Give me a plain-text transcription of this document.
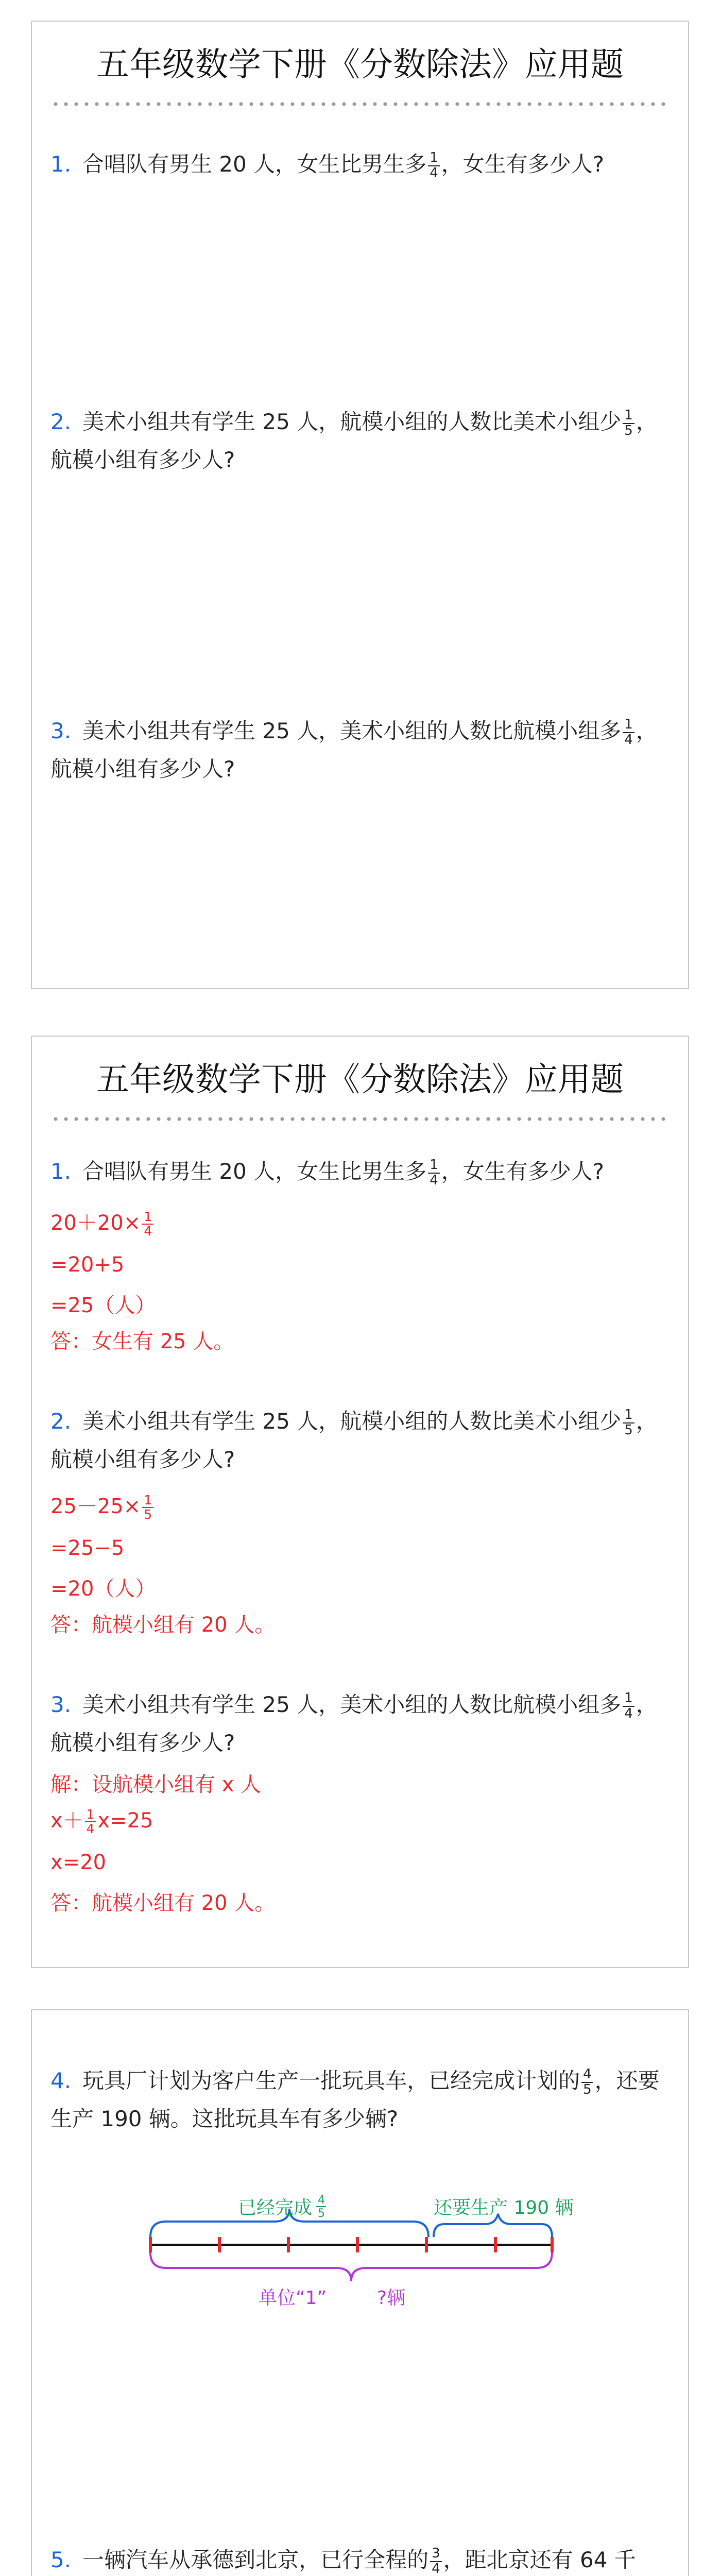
五年级数学下册《分数除法》应用题
1. 合唱队有男生 20 人，女生比男生多 $\frac{1}{4}$ ，女生有多少人?
2. 美术小组共有学生 25 人，航模小组的人数比美术小组少 $\frac{1}{5}$ ，航模小组有多少人?
3. 美术小组共有学生 25 人，美术小组的人数比航模小组多 $\frac{1}{4}$ ，航模小组有多少人?
五年级数学下册《分数除法》应用题
1. 合唱队有男生 20 人，女生比男生多 $\frac{1}{4}$ ，女生有多少人?
$20+20\times \frac{1}{4}$
=20+5
=25（人）
答：女生有 25 人。
2. 美术小组共有学生 25 人，航模小组的人数比美术小组少 $\frac{1}{5}$ ，航模小组有多少人?
$25-25\times \frac{1}{5}$
=25−5
=20（人）
答：航模小组有 20 人。
3. 美术小组共有学生 25 人，美术小组的人数比航模小组多 $\frac{1}{4}$ ，航模小组有多少人?
解：设航模小组有 x 人
$x+ \frac{1}{4} x=25$
x=20
答：航模小组有 20 人。
4. 玩具厂计划为客户生产一批玩具车，已经完成计划的 $\frac{4}{5}$ ，还要生产 190 辆。这批玩具车有多少辆?
已经完成 4
5	还要生产 190 辆
单位“1”	?辆
5. 一辆汽车从承德到北京，已行全程的 $\frac{3}{4}$ ，距北京还有 64 千
